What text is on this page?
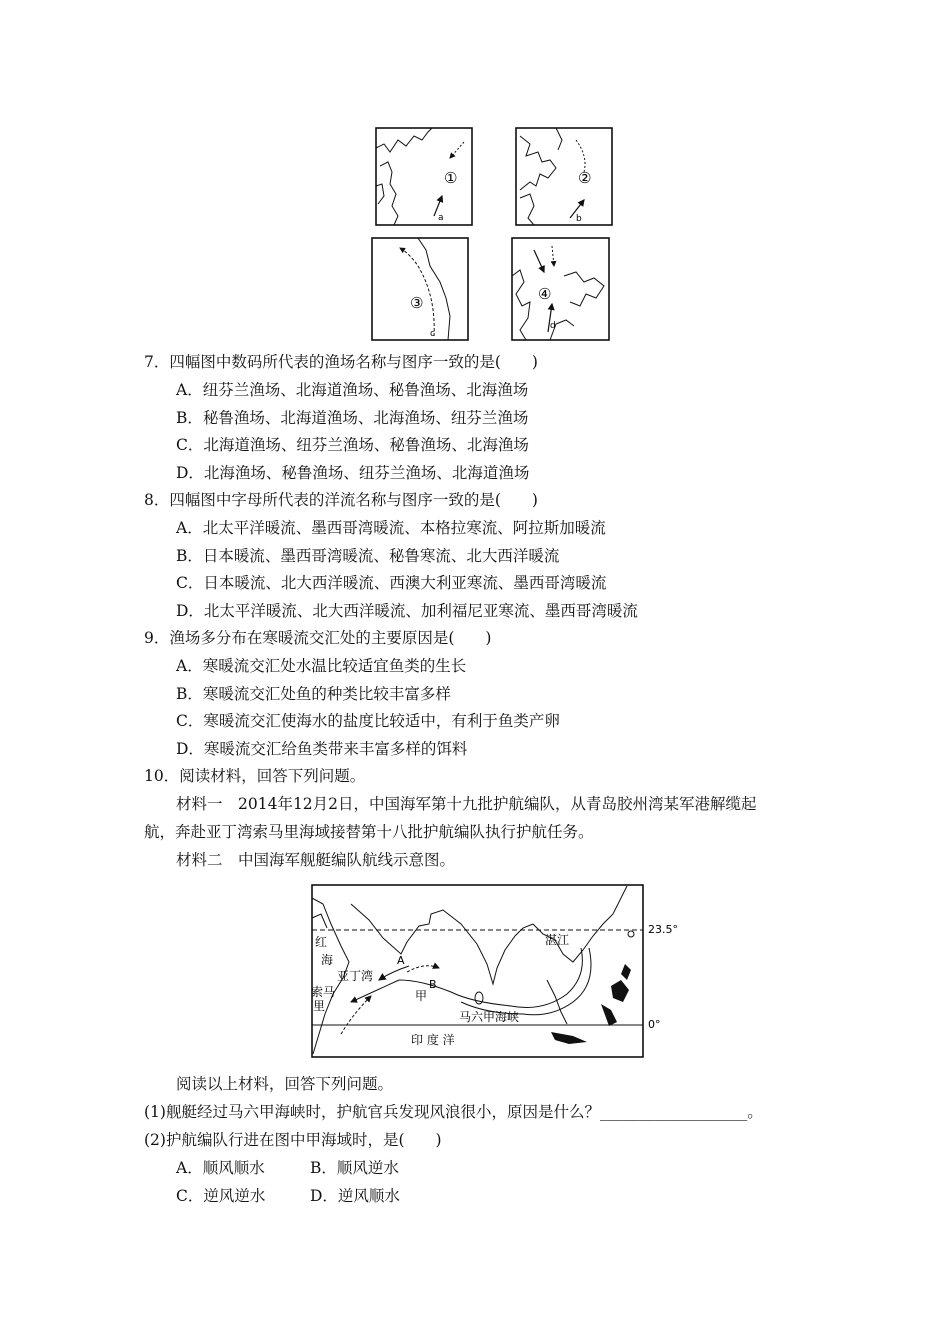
①
a
②
b
③
c
④
d
7．四幅图中数码所代表的渔场名称与图序一致的是(　　)
A．纽芬兰渔场、北海道渔场、秘鲁渔场、北海渔场
B．秘鲁渔场、北海道渔场、北海渔场、纽芬兰渔场
C．北海道渔场、纽芬兰渔场、秘鲁渔场、北海渔场
D．北海渔场、秘鲁渔场、纽芬兰渔场、北海道渔场
8．四幅图中字母所代表的洋流名称与图序一致的是(　　)
A．北太平洋暖流、墨西哥湾暖流、本格拉寒流、阿拉斯加暖流
B．日本暖流、墨西哥湾暖流、秘鲁寒流、北大西洋暖流
C．日本暖流、北大西洋暖流、西澳大利亚寒流、墨西哥湾暖流
D．北太平洋暖流、北大西洋暖流、加利福尼亚寒流、墨西哥湾暖流
9．渔场多分布在寒暖流交汇处的主要原因是(　　)
A．寒暖流交汇处水温比较适宜鱼类的生长
B．寒暖流交汇处鱼的种类比较丰富多样
C．寒暖流交汇使海水的盐度比较适中，有利于鱼类产卵
D．寒暖流交汇给鱼类带来丰富多样的饵料
10．阅读材料，回答下列问题。
材料一　2014年12月2日，中国海军第十九批护航编队，从青岛胶州湾某军港解缆起
航，奔赴亚丁湾索马里海域接替第十八批护航编队执行护航任务。
材料二　中国海军舰艇编队航线示意图。
23.5°
0°
湛江
红
海
亚丁湾
索马
里
A
B
甲
马六甲海峡
印 度 洋
阅读以上材料，回答下列问题。
(1)舰艇经过马六甲海峡时，护航官兵发现风浪很小，原因是什么？___________________。
(2)护航编队行进在图中甲海域时，是(　　)
A．顺风顺水	B．顺风逆水
C．逆风逆水	D．逆风顺水
